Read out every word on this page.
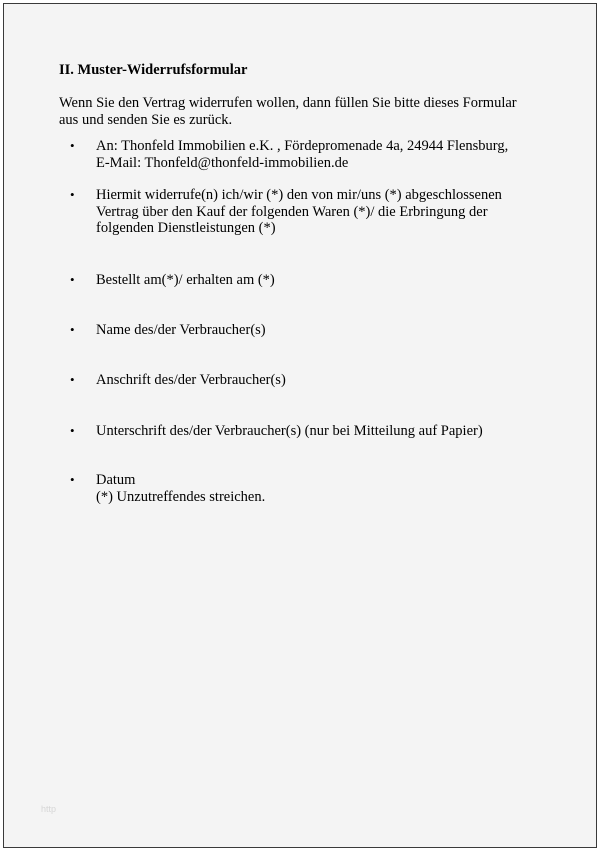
II. Muster-Widerrufsformular
Wenn Sie den Vertrag widerrufen wollen, dann füllen Sie bitte dieses Formular
aus und senden Sie es zurück.
• An: Thonfeld Immobilien e.K. , Fördepromenade 4a, 24944 Flensburg,
E-Mail: Thonfeld@thonfeld-immobilien.de
• Hiermit widerrufe(n) ich/wir (*) den von mir/uns (*) abgeschlossenen
Vertrag über den Kauf der folgenden Waren (*)/ die Erbringung der
folgenden Dienstleistungen (*)
• Bestellt am(*)/ erhalten am (*)
• Name des/der Verbraucher(s)
• Anschrift des/der Verbraucher(s)
• Unterschrift des/der Verbraucher(s) (nur bei Mitteilung auf Papier)
• Datum
(*) Unzutreffendes streichen.
http
